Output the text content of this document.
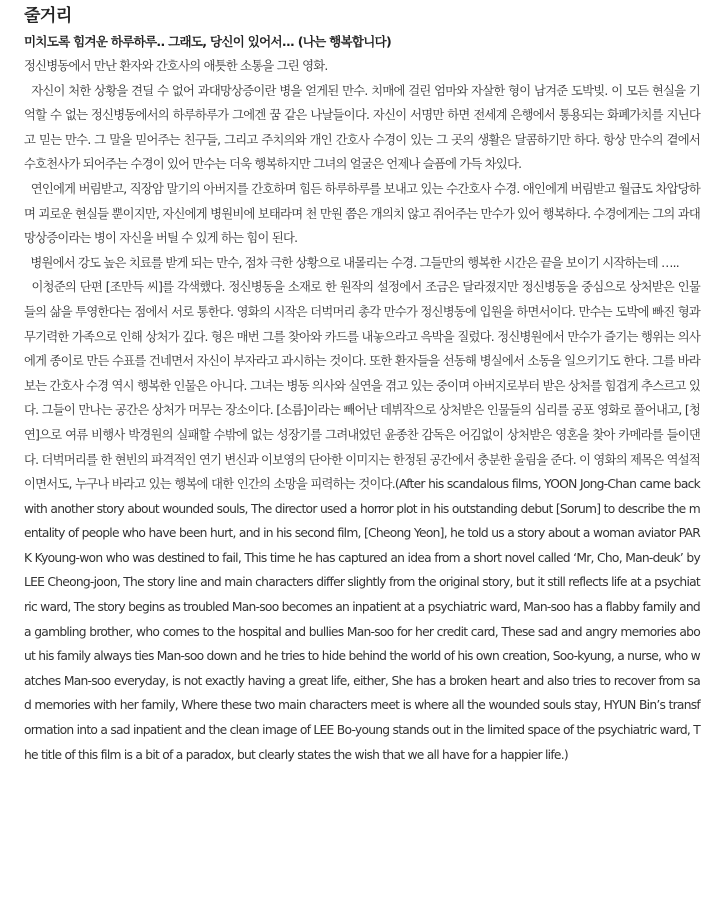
줄거리

미치도록 힘겨운 하루하루.. 그래도, 당신이 있어서... (나는 행복합니다)

정신병동에서 만난 환자와 간호사의 애틋한 소통을 그린 영화.

자신이 처한 상황을 견딜 수 없어 과대망상증이란 병을 얻게된 만수. 치매에 걸린 엄마와 자살한 형이 남겨준 도박빚. 이 모든 현실을 기억할 수 없는 정신병동에서의 하루하루가 그에겐 꿈 같은 나날들이다. 자신이 서명만 하면 전세계 은행에서 통용되는 화폐가치를 지닌다고 믿는 만수. 그 말을 믿어주는 친구들, 그리고 주치의와 개인 간호사 수경이 있는 그 곳의 생활은 달콤하기만 하다. 항상 만수의 곁에서 수호천사가 되어주는 수경이 있어 만수는 더욱 행복하지만 그녀의 얼굴은 언제나 슬픔에 가득 차있다.

연인에게 버림받고, 직장암 말기의 아버지를 간호하며 힘든 하루하루를 보내고 있는 수간호사 수경. 애인에게 버림받고 월급도 차압당하며 괴로운 현실들 뿐이지만, 자신에게 병원비에 보태라며 천 만원 쯤은 개의치 않고 쥐어주는 만수가 있어 행복하다. 수경에게는 그의 과대망상증이라는 병이 자신을 버틸 수 있게 하는 힘이 된다.

병원에서 강도 높은 치료를 받게 되는 만수, 점차 극한 상황으로 내몰리는 수경. 그들만의 행복한 시간은 끝을 보이기 시작하는데 …..

이청준의 단편 [조만득 씨]를 각색했다. 정신병동을 소재로 한 원작의 설정에서 조금은 달라졌지만 정신병동을 중심으로 상처받은 인물들의 삶을 투영한다는 점에서 서로 통한다. 영화의 시작은 더벅머리 총각 만수가 정신병동에 입원을 하면서이다. 만수는 도박에 빠진 형과 무기력한 가족으로 인해 상처가 깊다. 형은 매번 그를 찾아와 카드를 내놓으라고 윽박을 질렀다. 정신병원에서 만수가 즐기는 행위는 의사에게 종이로 만든 수표를 건네면서 자신이 부자라고 과시하는 것이다. 또한 환자들을 선동해 병실에서 소동을 일으키기도 한다. 그를 바라보는 간호사 수경 역시 행복한 인물은 아니다. 그녀는 병동 의사와 실연을 겪고 있는 중이며 아버지로부터 받은 상처를 힘겹게 추스르고 있다. 그들이 만나는 공간은 상처가 머무는 장소이다. [소름]이라는 빼어난 데뷔작으로 상처받은 인물들의 심리를 공포 영화로 풀어내고, [청연]으로 여류 비행사 박경원의 실패할 수밖에 없는 성장기를 그려내었던 윤종찬 감독은 어김없이 상처받은 영혼을 찾아 카메라를 들이댄다. 더벅머리를 한 현빈의 파격적인 연기 변신과 이보영의 단아한 이미지는 한정된 공간에서 충분한 울림을 준다. 이 영화의 제목은 역설적이면서도, 누구나 바라고 있는 행복에 대한 인간의 소망을 피력하는 것이다.(After his scandalous films, YOON Jong-Chan came back with another story about wounded souls, The director used a horror plot in his outstanding debut [Sorum] to describe the mentality of people who have been hurt, and in his second film, [Cheong Yeon], he told us a story about a woman aviator PARK Kyoung-won who was destined to fail, This time he has captured an idea from a short novel called ‘Mr, Cho, Man-deuk’ by LEE Cheong-joon, The story line and main characters differ slightly from the original story, but it still reflects life at a psychiatric ward, The story begins as troubled Man-soo becomes an inpatient at a psychiatric ward, Man-soo has a flabby family and a gambling brother, who comes to the hospital and bullies Man-soo for her credit card, These sad and angry memories about his family always ties Man-soo down and he tries to hide behind the world of his own creation, Soo-kyung, a nurse, who watches Man-soo everyday, is not exactly having a great life, either, She has a broken heart and also tries to recover from sad memories with her family, Where these two main characters meet is where all the wounded souls stay, HYUN Bin’s transformation into a sad inpatient and the clean image of LEE Bo-young stands out in the limited space of the psychiatric ward, The title of this film is a bit of a paradox, but clearly states the wish that we all have for a happier life.)
